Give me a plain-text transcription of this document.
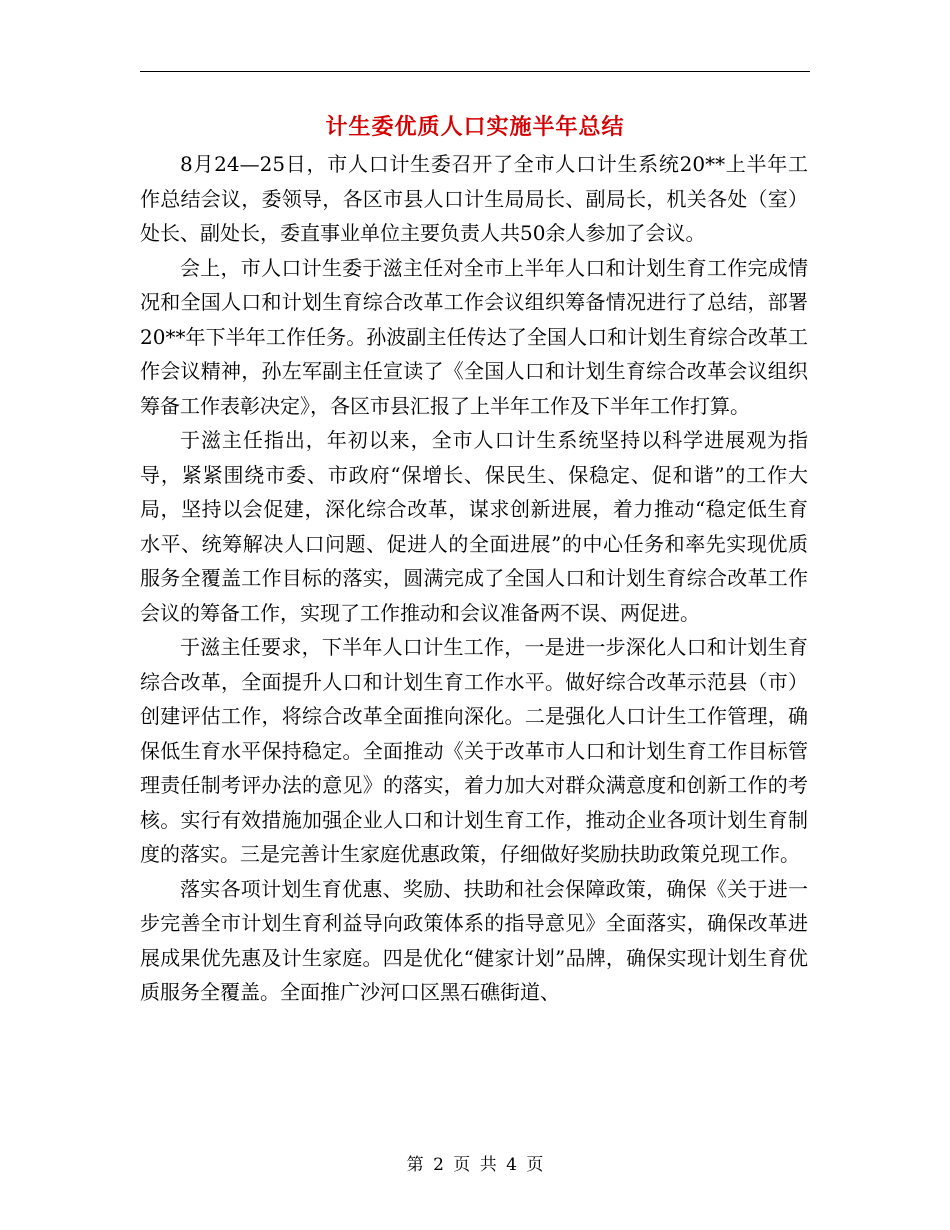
计生委优质人口实施半年总结

8月24—25日，市人口计生委召开了全市人口计生系统20**上半年工作总结会议，委领导，各区市县人口计生局局长、副局长，机关各处（室）处长、副处长，委直事业单位主要负责人共50余人参加了会议。

会上，市人口计生委于滋主任对全市上半年人口和计划生育工作完成情况和全国人口和计划生育综合改革工作会议组织筹备情况进行了总结，部署20**年下半年工作任务。孙波副主任传达了全国人口和计划生育综合改革工作会议精神，孙左军副主任宣读了《全国人口和计划生育综合改革会议组织筹备工作表彰决定》，各区市县汇报了上半年工作及下半年工作打算。

于滋主任指出，年初以来，全市人口计生系统坚持以科学进展观为指导，紧紧围绕市委、市政府“保增长、保民生、保稳定、促和谐”的工作大局，坚持以会促建，深化综合改革，谋求创新进展，着力推动“稳定低生育水平、统筹解决人口问题、促进人的全面进展”的中心任务和率先实现优质服务全覆盖工作目标的落实，圆满完成了全国人口和计划生育综合改革工作会议的筹备工作，实现了工作推动和会议准备两不误、两促进。

于滋主任要求，下半年人口计生工作，一是进一步深化人口和计划生育综合改革，全面提升人口和计划生育工作水平。做好综合改革示范县（市）创建评估工作，将综合改革全面推向深化。二是强化人口计生工作管理，确保低生育水平保持稳定。全面推动《关于改革市人口和计划生育工作目标管理责任制考评办法的意见》的落实，着力加大对群众满意度和创新工作的考核。实行有效措施加强企业人口和计划生育工作，推动企业各项计划生育制度的落实。三是完善计生家庭优惠政策，仔细做好奖励扶助政策兑现工作。

落实各项计划生育优惠、奖励、扶助和社会保障政策，确保《关于进一步完善全市计划生育利益导向政策体系的指导意见》全面落实，确保改革进展成果优先惠及计生家庭。四是优化“健家计划”品牌，确保实现计划生育优质服务全覆盖。全面推广沙河口区黑石礁街道、

第 2 页 共 4 页
